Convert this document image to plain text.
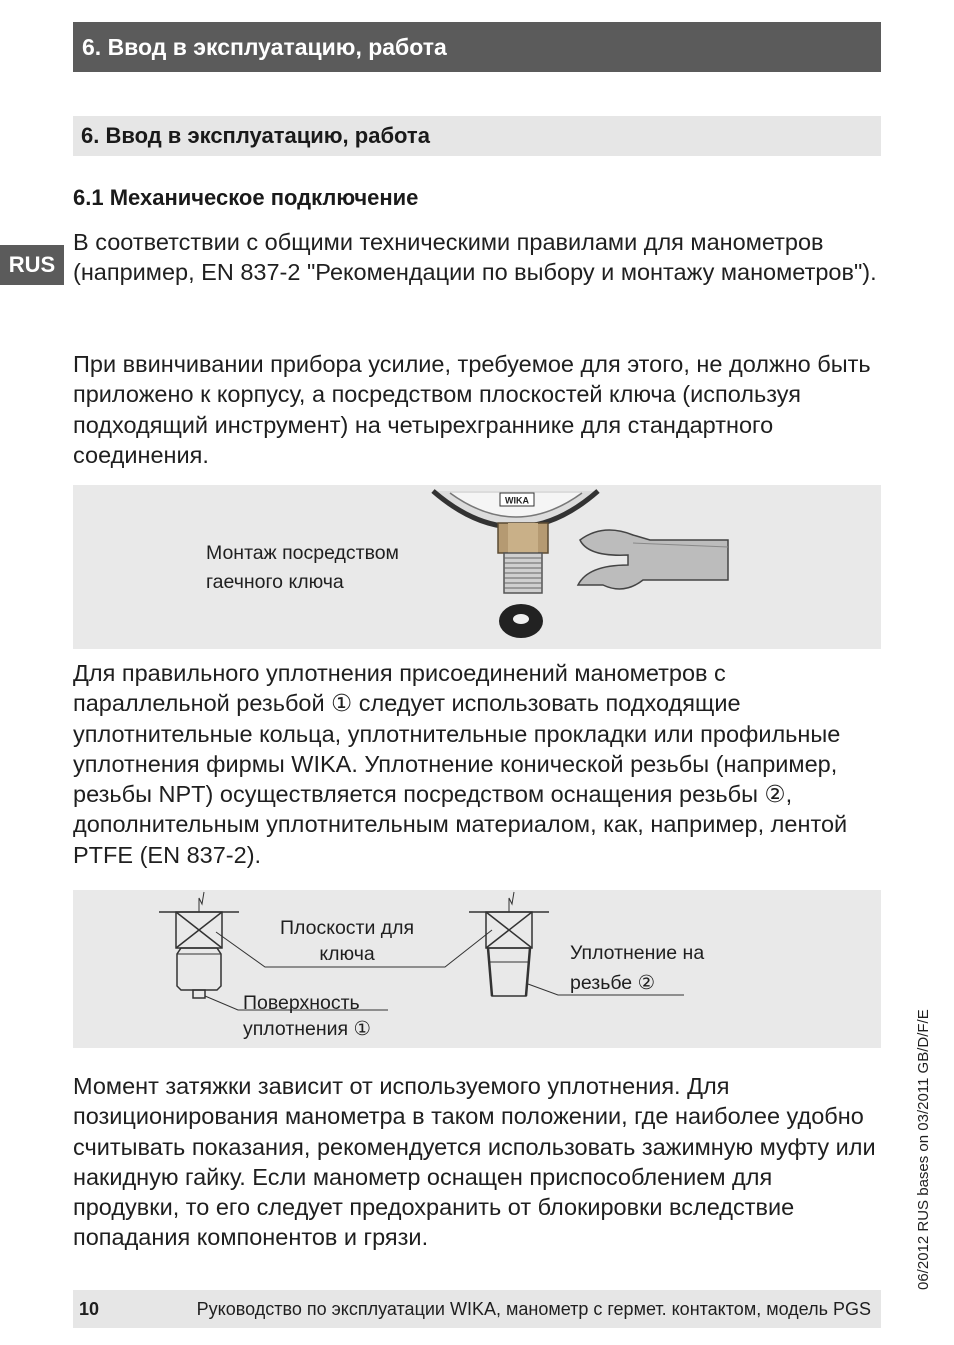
6. Ввод в эксплуатацию, работа
6. Ввод в эксплуатацию, работа
6.1 Механическое подключение
RUS

В соответствии с общими техническими правилами для манометров (например, EN 837-2 "Рекомендации по выбору и монтажу манометров").

При ввинчивании прибора усилие, требуемое для этого, не должно быть приложено к корпусу, а посредством плоскостей ключа (используя подходящий инструмент) на четырехграннике для стандартного соединения.

Монтаж посредством
гаечного ключа
WIKA

Для правильного уплотнения присоединений манометров с параллельной резьбой ① следует использовать подходящие уплотнительные кольца, уплотнительные прокладки или профильные уплотнения фирмы WIKA. Уплотнение конической резьбы (например, резьбы NPT) осуществляется посредством оснащения резьбы ②, дополнительным уплотнительным материалом, как, например, лентой PTFE (EN 837-2).

Плоскости для
ключа
Поверхность
уплотнения ①
Уплотнение на
резьбе ②

Момент затяжки зависит от используемого уплотнения. Для позиционирования манометра в таком положении, где наиболее удобно считывать показания, рекомендуется использовать зажимную муфту или накидную гайку. Если манометр оснащен приспособлением для продувки, то его следует предохранить от блокировки вследствие попадания компонентов и грязи.

10	Руководство по эксплуатации WIKA, манометр с гермет. контактом, модель PGS
06/2012 RUS bases on 03/2011 GB/D/F/E
